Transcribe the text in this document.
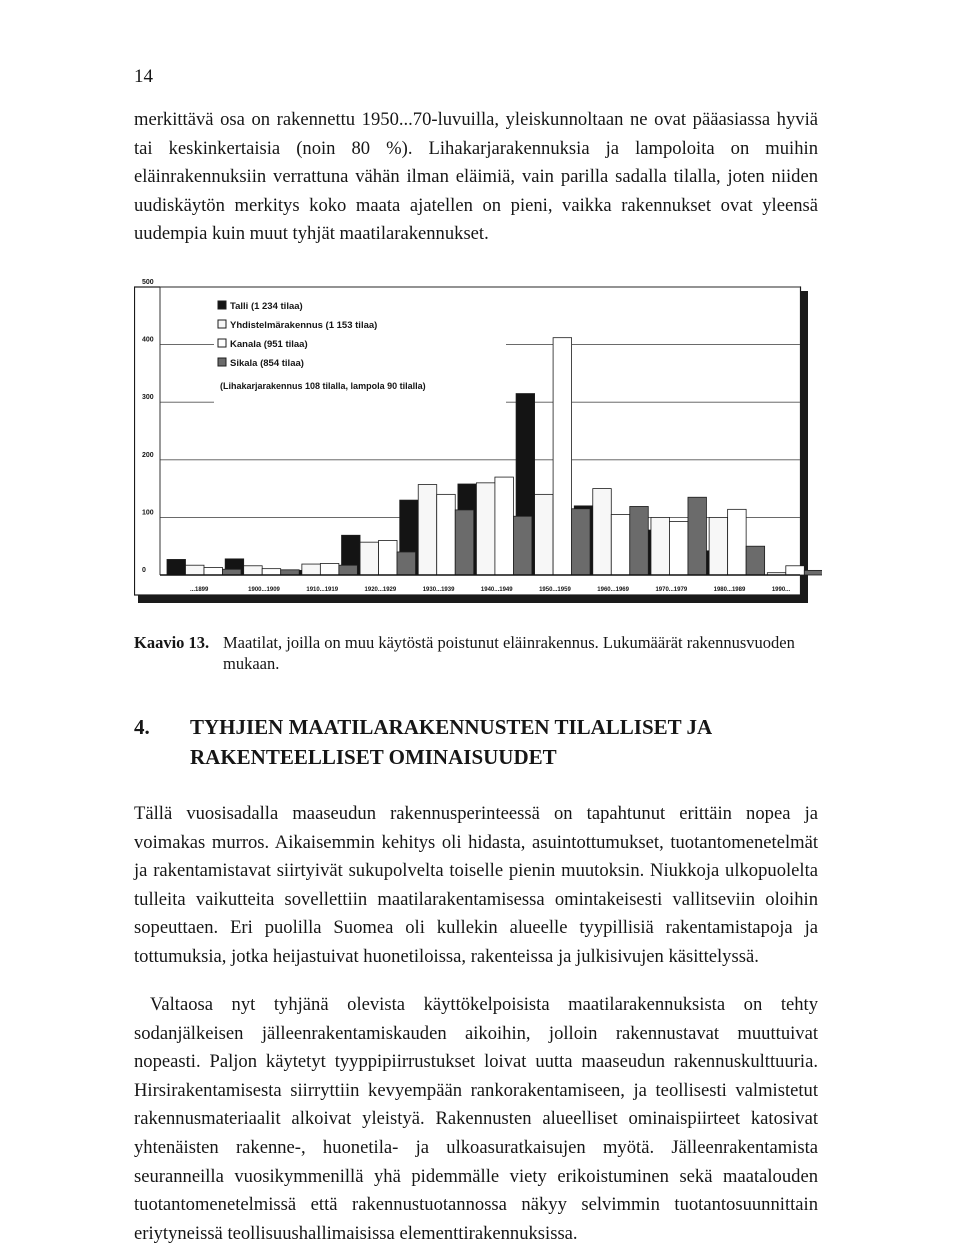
14

merkittävä osa on rakennettu 1950...70-luvuilla, yleiskunnoltaan ne ovat pääasiassa hyviä tai keskinkertaisia (noin 80 %). Lihakarjarakennuksia ja lampoloita on muihin eläinrakennuksiin verrattuna vähän ilman eläimiä, vain parilla sadalla tilalla, joten niiden uudiskäytön merkitys koko maata ajatellen on pieni, vaikka rakennukset ovat yleensä uudempia kuin muut tyhjät maatilarakennukset.

0
100
200
300
400
500
...1899	1900...1909	1910...1919	1920...1929	1930...1939	1940...1949	1950...1959	1960...1969	1970...1979	1980...1989	1990...
Talli (1 234 tilaa)
Yhdistelmärakennus (1 153 tilaa)
Kanala (951 tilaa)
Sikala (854 tilaa)
(Lihakarjarakennus 108 tilalla, lampola 90 tilalla)
Kaavio 13. Maatilat, joilla on muu käytöstä poistunut eläinrakennus. Lukumäärät rakennusvuoden mukaan.
4. TYHJIEN MAATILARAKENNUSTEN TILALLISET JA RAKENTEELLISET OMINAISUUDET

Tällä vuosisadalla maaseudun rakennusperinteessä on tapahtunut erittäin nopea ja voimakas murros. Aikaisemmin kehitys oli hidasta, asuintottumukset, tuotantomenetelmät ja rakentamistavat siirtyivät sukupolvelta toiselle pienin muutoksin. Niukkoja ulkopuolelta tulleita vaikutteita sovellettiin maatilarakentamisessa omintakeisesti vallitseviin oloihin sopeuttaen. Eri puolilla Suomea oli kullekin alueelle tyypillisiä rakentamistapoja ja tottumuksia, jotka heijastuivat huonetiloissa, rakenteissa ja julkisivujen käsittelyssä.

Valtaosa nyt tyhjänä olevista käyttökelpoisista maatilarakennuksista on tehty sodanjälkeisen jälleenrakentamiskauden aikoihin, jolloin rakennustavat muuttuivat nopeasti. Paljon käytetyt tyyppipiirrustukset loivat uutta maaseudun rakennuskulttuuria. Hirsirakentamisesta siirryttiin kevyempään rankorakentamiseen, ja teollisesti valmistetut rakennusmateriaalit alkoivat yleistyä. Rakennusten alueelliset ominaispiirteet katosivat yhtenäisten rakenne-, huonetila- ja ulkoasuratkaisujen myötä. Jälleenrakentamista seuranneilla vuosikymmenillä yhä pidemmälle viety erikoistuminen sekä maatalouden tuotantomenetelmissä että rakennustuotannossa näkyy selvimmin tuotantosuunnittain eriytyneissä teollisuushallimaisissa elementtirakennuksissa.
